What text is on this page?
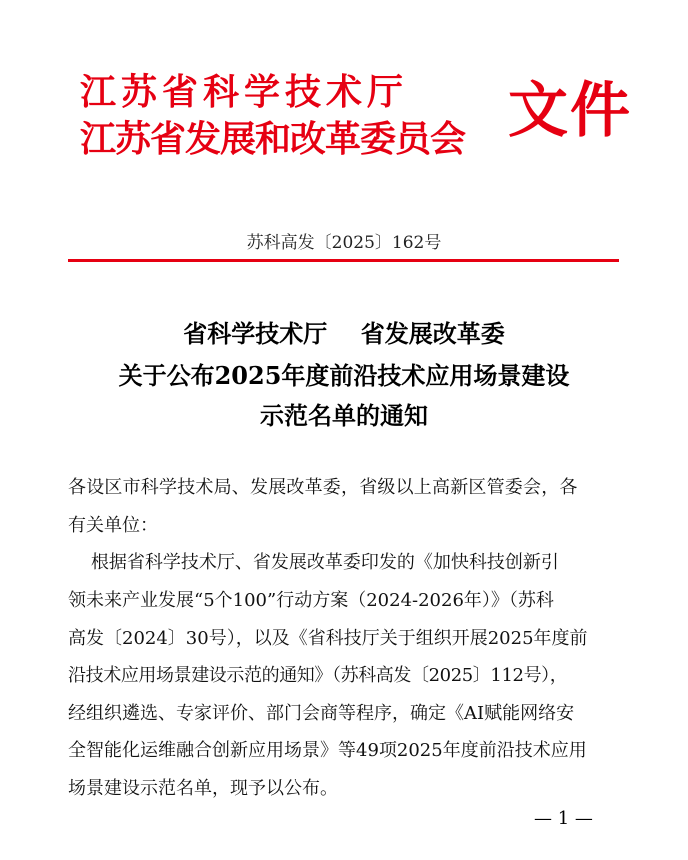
江苏省科学技术厅
江苏省发展和改革委员会 文件
苏科高发〔2025〕162号
省科学技术厅    省发展改革委
关于公布2025年度前沿技术应用场景建设
示范名单的通知
各设区市科学技术局、发展改革委，省级以上高新区管委会，各
有关单位：
根据省科学技术厅、省发展改革委印发的《加快科技创新引
领未来产业发展“5个100”行动方案（2024-2026年）》（苏科
高发〔2024〕30号），以及《省科技厅关于组织开展2025年度前
沿技术应用场景建设示范的通知》（苏科高发〔2025〕112号），
经组织遴选、专家评价、部门会商等程序，确定《AI赋能网络安
全智能化运维融合创新应用场景》等49项2025年度前沿技术应用
场景建设示范名单，现予以公布。
— 1 —
